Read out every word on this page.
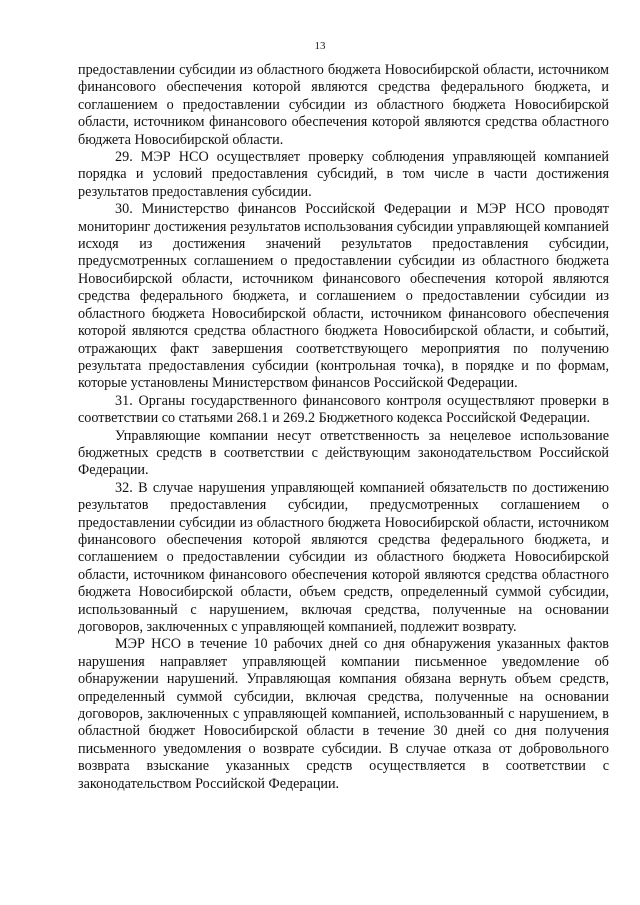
13

предоставлении субсидии из областного бюджета Новосибирской области, источником финансового обеспечения которой являются средства федерального бюджета, и соглашением о предоставлении субсидии из областного бюджета Новосибирской области, источником финансового обеспечения которой являются средства областного бюджета Новосибирской области.

29. МЭР НСО осуществляет проверку соблюдения управляющей компанией порядка и условий предоставления субсидий, в том числе в части достижения результатов предоставления субсидии.

30. Министерство финансов Российской Федерации и МЭР НСО проводят мониторинг достижения результатов использования субсидии управляющей компанией исходя из достижения значений результатов предоставления субсидии, предусмотренных соглашением о предоставлении субсидии из областного бюджета Новосибирской области, источником финансового обеспечения которой являются средства федерального бюджета, и соглашением о предоставлении субсидии из областного бюджета Новосибирской области, источником финансового обеспечения которой являются средства областного бюджета Новосибирской области, и событий, отражающих факт завершения соответствующего мероприятия по получению результата предоставления субсидии (контрольная точка), в порядке и по формам, которые установлены Министерством финансов Российской Федерации.

31. Органы государственного финансового контроля осуществляют проверки в соответствии со статьями 268.1 и 269.2 Бюджетного кодекса Российской Федерации.

Управляющие компании несут ответственность за нецелевое использование бюджетных средств в соответствии с действующим законодательством Российской Федерации.

32. В случае нарушения управляющей компанией обязательств по достижению результатов предоставления субсидии, предусмотренных соглашением о предоставлении субсидии из областного бюджета Новосибирской области, источником финансового обеспечения которой являются средства федерального бюджета, и соглашением о предоставлении субсидии из областного бюджета Новосибирской области, источником финансового обеспечения которой являются средства областного бюджета Новосибирской области, объем средств, определенный суммой субсидии, использованный с нарушением, включая средства, полученные на основании договоров, заключенных с управляющей компанией, подлежит возврату.

МЭР НСО в течение 10 рабочих дней со дня обнаружения указанных фактов нарушения направляет управляющей компании письменное уведомление об обнаружении нарушений. Управляющая компания обязана вернуть объем средств, определенный суммой субсидии, включая средства, полученные на основании договоров, заключенных с управляющей компанией, использованный с нарушением, в областной бюджет Новосибирской области в течение 30 дней со дня получения письменного уведомления о возврате субсидии. В случае отказа от добровольного возврата взыскание указанных средств осуществляется в соответствии с законодательством Российской Федерации.
